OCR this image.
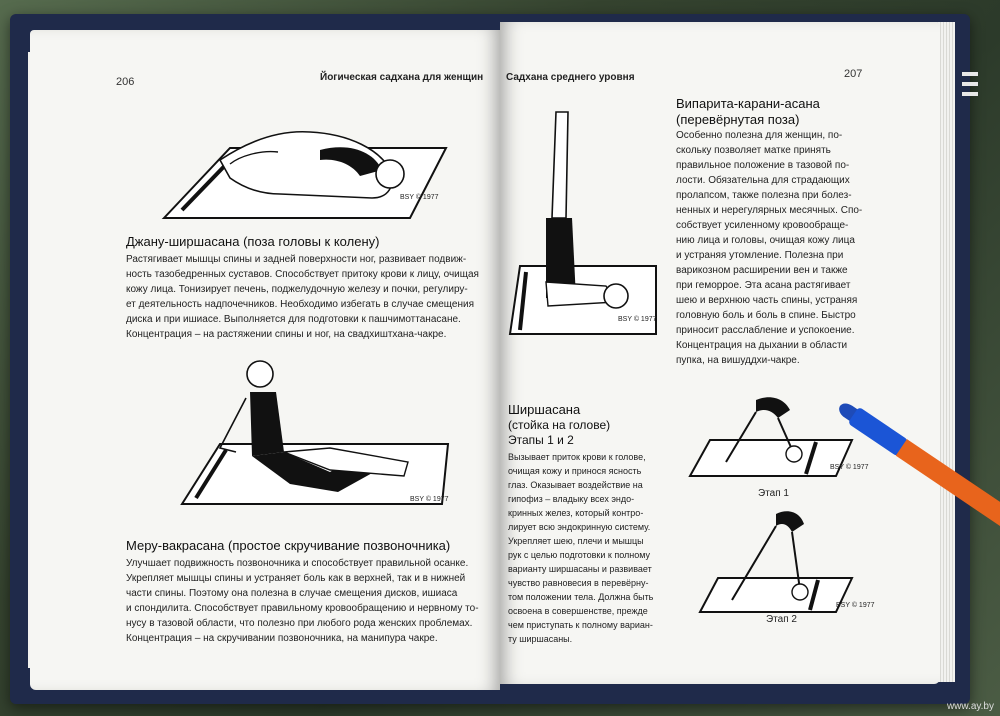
206	Йогическая садхана для женщин
BSY © 1977
Джану-ширшасана (поза головы к колену)
Растягивает мышцы спины и задней поверхности ног, развивает подвиж-
ность тазобедренных суставов. Способствует притоку крови к лицу, очищая
кожу лица. Тонизирует печень, поджелудочную железу и почки, регулиру-
ет деятельность надпочечников. Необходимо избегать в случае смещения
диска и при ишиасе. Выполняется для подготовки к пашчимоттанасане.
Концентрация – на растяжении спины и ног, на свадхиштхана-чакре.
BSY © 1977
Меру-вакрасана (простое скручивание позвоночника)
Улучшает подвижность позвоночника и способствует правильной осанке.
Укрепляет мышцы спины и устраняет боль как в верхней, так и в нижней
части спины. Поэтому она полезна в случае смещения дисков, ишиаса
и спондилита. Способствует правильному кровообращению и нервному то-
нусу в тазовой области, что полезно при любого рода женских проблемах.
Концентрация – на скручивании позвоночника, на манипура чакре.
Садхана среднего уровня	207
BSY © 1977
Випарита-карани-асана
(перевёрнутая поза)
Особенно полезна для женщин, по-
скольку позволяет матке принять
правильное положение в тазовой по-
лости. Обязательна для страдающих
пролапсом, также полезна при болез-
ненных и нерегулярных месячных. Спо-
собствует усиленному кровообраще-
нию лица и головы, очищая кожу лица
и устраняя утомление. Полезна при
варикозном расширении вен и также
при геморрое. Эта асана растягивает
шею и верхнюю часть спины, устраняя
головную боль и боль в спине. Быстро
приносит расслабление и успокоение.
Концентрация на дыхании в области
пупка, на вишуддхи-чакре.
Ширшасана
(стойка на голове)
Этапы 1 и 2
Вызывает приток крови к голове,
очищая кожу и принося ясность
глаз. Оказывает воздействие на
гипофиз – владыку всех эндо-
кринных желез, который контро-
лирует всю эндокринную систему.
Укрепляет шею, плечи и мышцы
рук с целью подготовки к полному
варианту ширшасаны и развивает
чувство равновесия в перевёрну-
том положении тела. Должна быть
освоена в совершенстве, прежде
чем приступать к полному вариан-
ту ширшасаны.
BSY © 1977
Этап 1
BSY © 1977
Этап 2
www.ay.by
